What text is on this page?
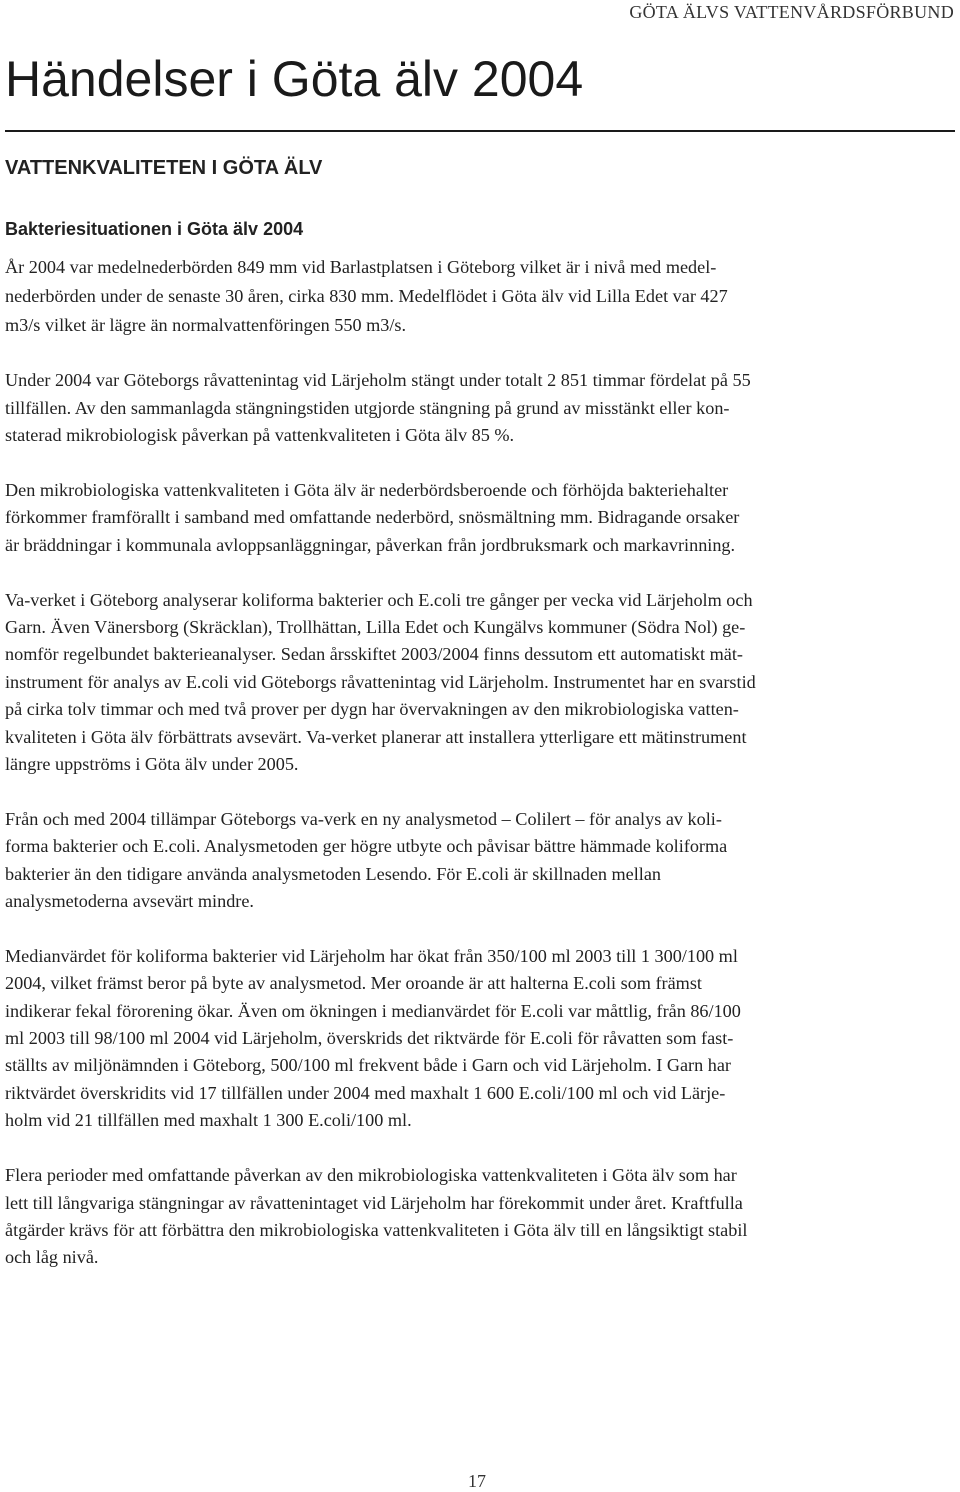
GÖTA ÄLVS VATTENVÅRDSFÖRBUND
Händelser i Göta älv 2004
VATTENKVALITETEN I GÖTA ÄLV
Bakteriesituationen i Göta älv 2004

År 2004 var medelnederbörden 849 mm vid Barlastplatsen i Göteborg vilket är i nivå med medel-
nederbörden under de senaste 30 åren, cirka 830 mm. Medelflödet i Göta älv vid Lilla Edet var 427
m3/s vilket är lägre än normalvattenföringen 550 m3/s.

Under 2004 var Göteborgs råvattenintag vid Lärjeholm stängt under totalt 2 851 timmar fördelat på 55
tillfällen. Av den sammanlagda stängningstiden utgjorde stängning på grund av misstänkt eller kon-
staterad mikrobiologisk påverkan på vattenkvaliteten i Göta älv 85 %.

Den mikrobiologiska vattenkvaliteten i Göta älv är nederbördsberoende och förhöjda bakteriehalter
förkommer framförallt i samband med omfattande nederbörd, snösmältning mm. Bidragande orsaker
är bräddningar i kommunala avloppsanläggningar, påverkan från jordbruksmark och markavrinning.

Va-verket i Göteborg analyserar koliforma bakterier och E.coli tre gånger per vecka vid Lärjeholm och
Garn. Även Vänersborg (Skräcklan), Trollhättan, Lilla Edet och Kungälvs kommuner (Södra Nol) ge-
nomför regelbundet bakterieanalyser. Sedan årsskiftet 2003/2004 finns dessutom ett automatiskt mät-
instrument för analys av E.coli vid Göteborgs råvattenintag vid Lärjeholm. Instrumentet har en svarstid
på cirka tolv timmar och med två prover per dygn har övervakningen av den mikrobiologiska vatten-
kvaliteten i Göta älv förbättrats avsevärt. Va-verket planerar att installera ytterligare ett mätinstrument
längre uppströms i Göta älv under 2005.

Från och med 2004 tillämpar Göteborgs va-verk en ny analysmetod – Colilert – för analys av koli-
forma bakterier och E.coli. Analysmetoden ger högre utbyte och påvisar bättre hämmade koliforma
bakterier än den tidigare använda analysmetoden Lesendo. För E.coli är skillnaden mellan
analysmetoderna avsevärt mindre.

Medianvärdet för koliforma bakterier vid Lärjeholm har ökat från 350/100 ml 2003 till 1 300/100 ml
2004, vilket främst beror på byte av analysmetod. Mer oroande är att halterna E.coli som främst
indikerar fekal förorening ökar. Även om ökningen i medianvärdet för E.coli var måttlig, från 86/100
ml 2003 till 98/100 ml 2004 vid Lärjeholm, överskrids det riktvärde för E.coli för råvatten som fast-
ställts av miljönämnden i Göteborg, 500/100 ml frekvent både i Garn och vid Lärjeholm. I Garn har
riktvärdet överskridits vid 17 tillfällen under 2004 med maxhalt 1 600 E.coli/100 ml och vid Lärje-
holm vid 21 tillfällen med maxhalt 1 300 E.coli/100 ml.

Flera perioder med omfattande påverkan av den mikrobiologiska vattenkvaliteten i Göta älv som har
lett till långvariga stängningar av råvattenintaget vid Lärjeholm har förekommit under året. Kraftfulla
åtgärder krävs för att förbättra den mikrobiologiska vattenkvaliteten i Göta älv till en långsiktigt stabil
och låg nivå.

17
